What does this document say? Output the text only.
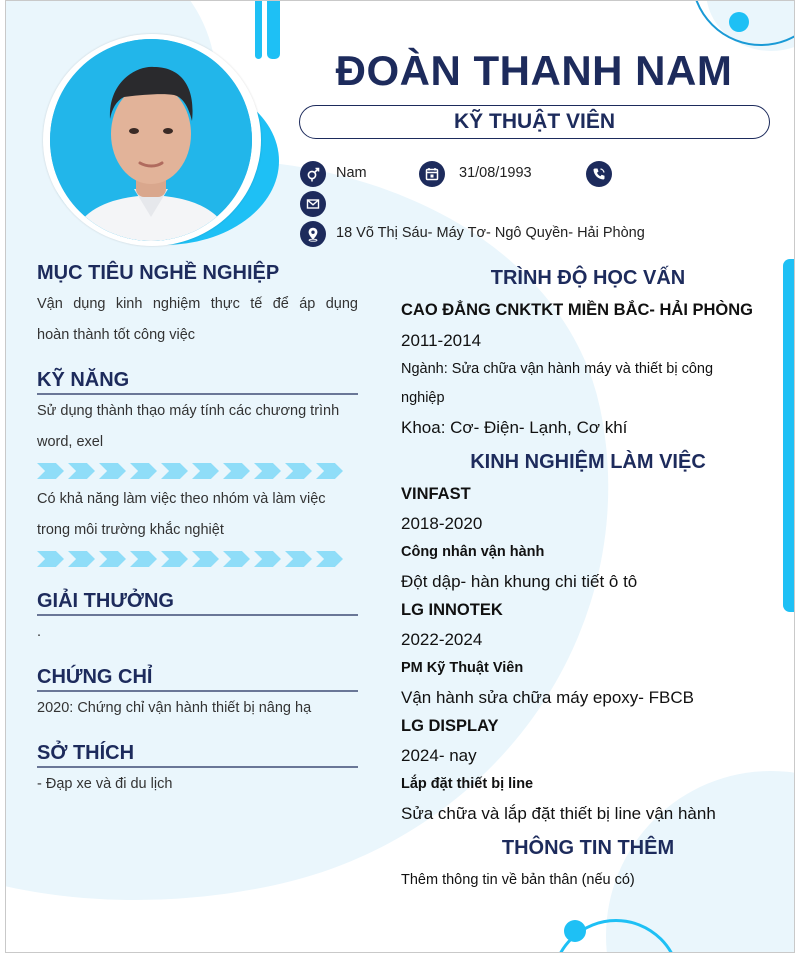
ĐOÀN THANH NAM
KỸ THUẬT VIÊN
Nam	31/08/1993
18 Võ Thị Sáu- Máy Tơ- Ngô Quyền- Hải Phòng
MỤC TIÊU NGHỀ NGHIỆP
Vận dụng kinh nghiệm thực tế để áp dụng
hoàn thành tốt công việc
KỸ NĂNG
Sử dụng thành thạo máy tính các chương trình
word, exel
Có khả năng làm việc theo nhóm và làm việc
trong môi trường khắc nghiệt
GIẢI THƯỞNG
.
CHỨNG CHỈ
2020: Chứng chỉ vận hành thiết bị nâng hạ
SỞ THÍCH
- Đạp xe và đi du lịch
TRÌNH ĐỘ HỌC VẤN
CAO ĐẲNG CNKTKT MIỀN BẮC- HẢI PHÒNG
2011-2014
Ngành: Sửa chữa vận hành máy và thiết bị công
nghiệp
Khoa: Cơ- Điện- Lạnh, Cơ khí
KINH NGHIỆM LÀM VIỆC
VINFAST
2018-2020
Công nhân vận hành
Đột dập- hàn khung chi tiết ô tô
LG INNOTEK
2022-2024
PM Kỹ Thuật Viên
Vận hành sửa chữa máy epoxy- FBCB
LG DISPLAY
2024- nay
Lắp đặt thiết bị line
Sửa chữa và lắp đặt thiết bị line vận hành
THÔNG TIN THÊM
Thêm thông tin về bản thân (nếu có)
